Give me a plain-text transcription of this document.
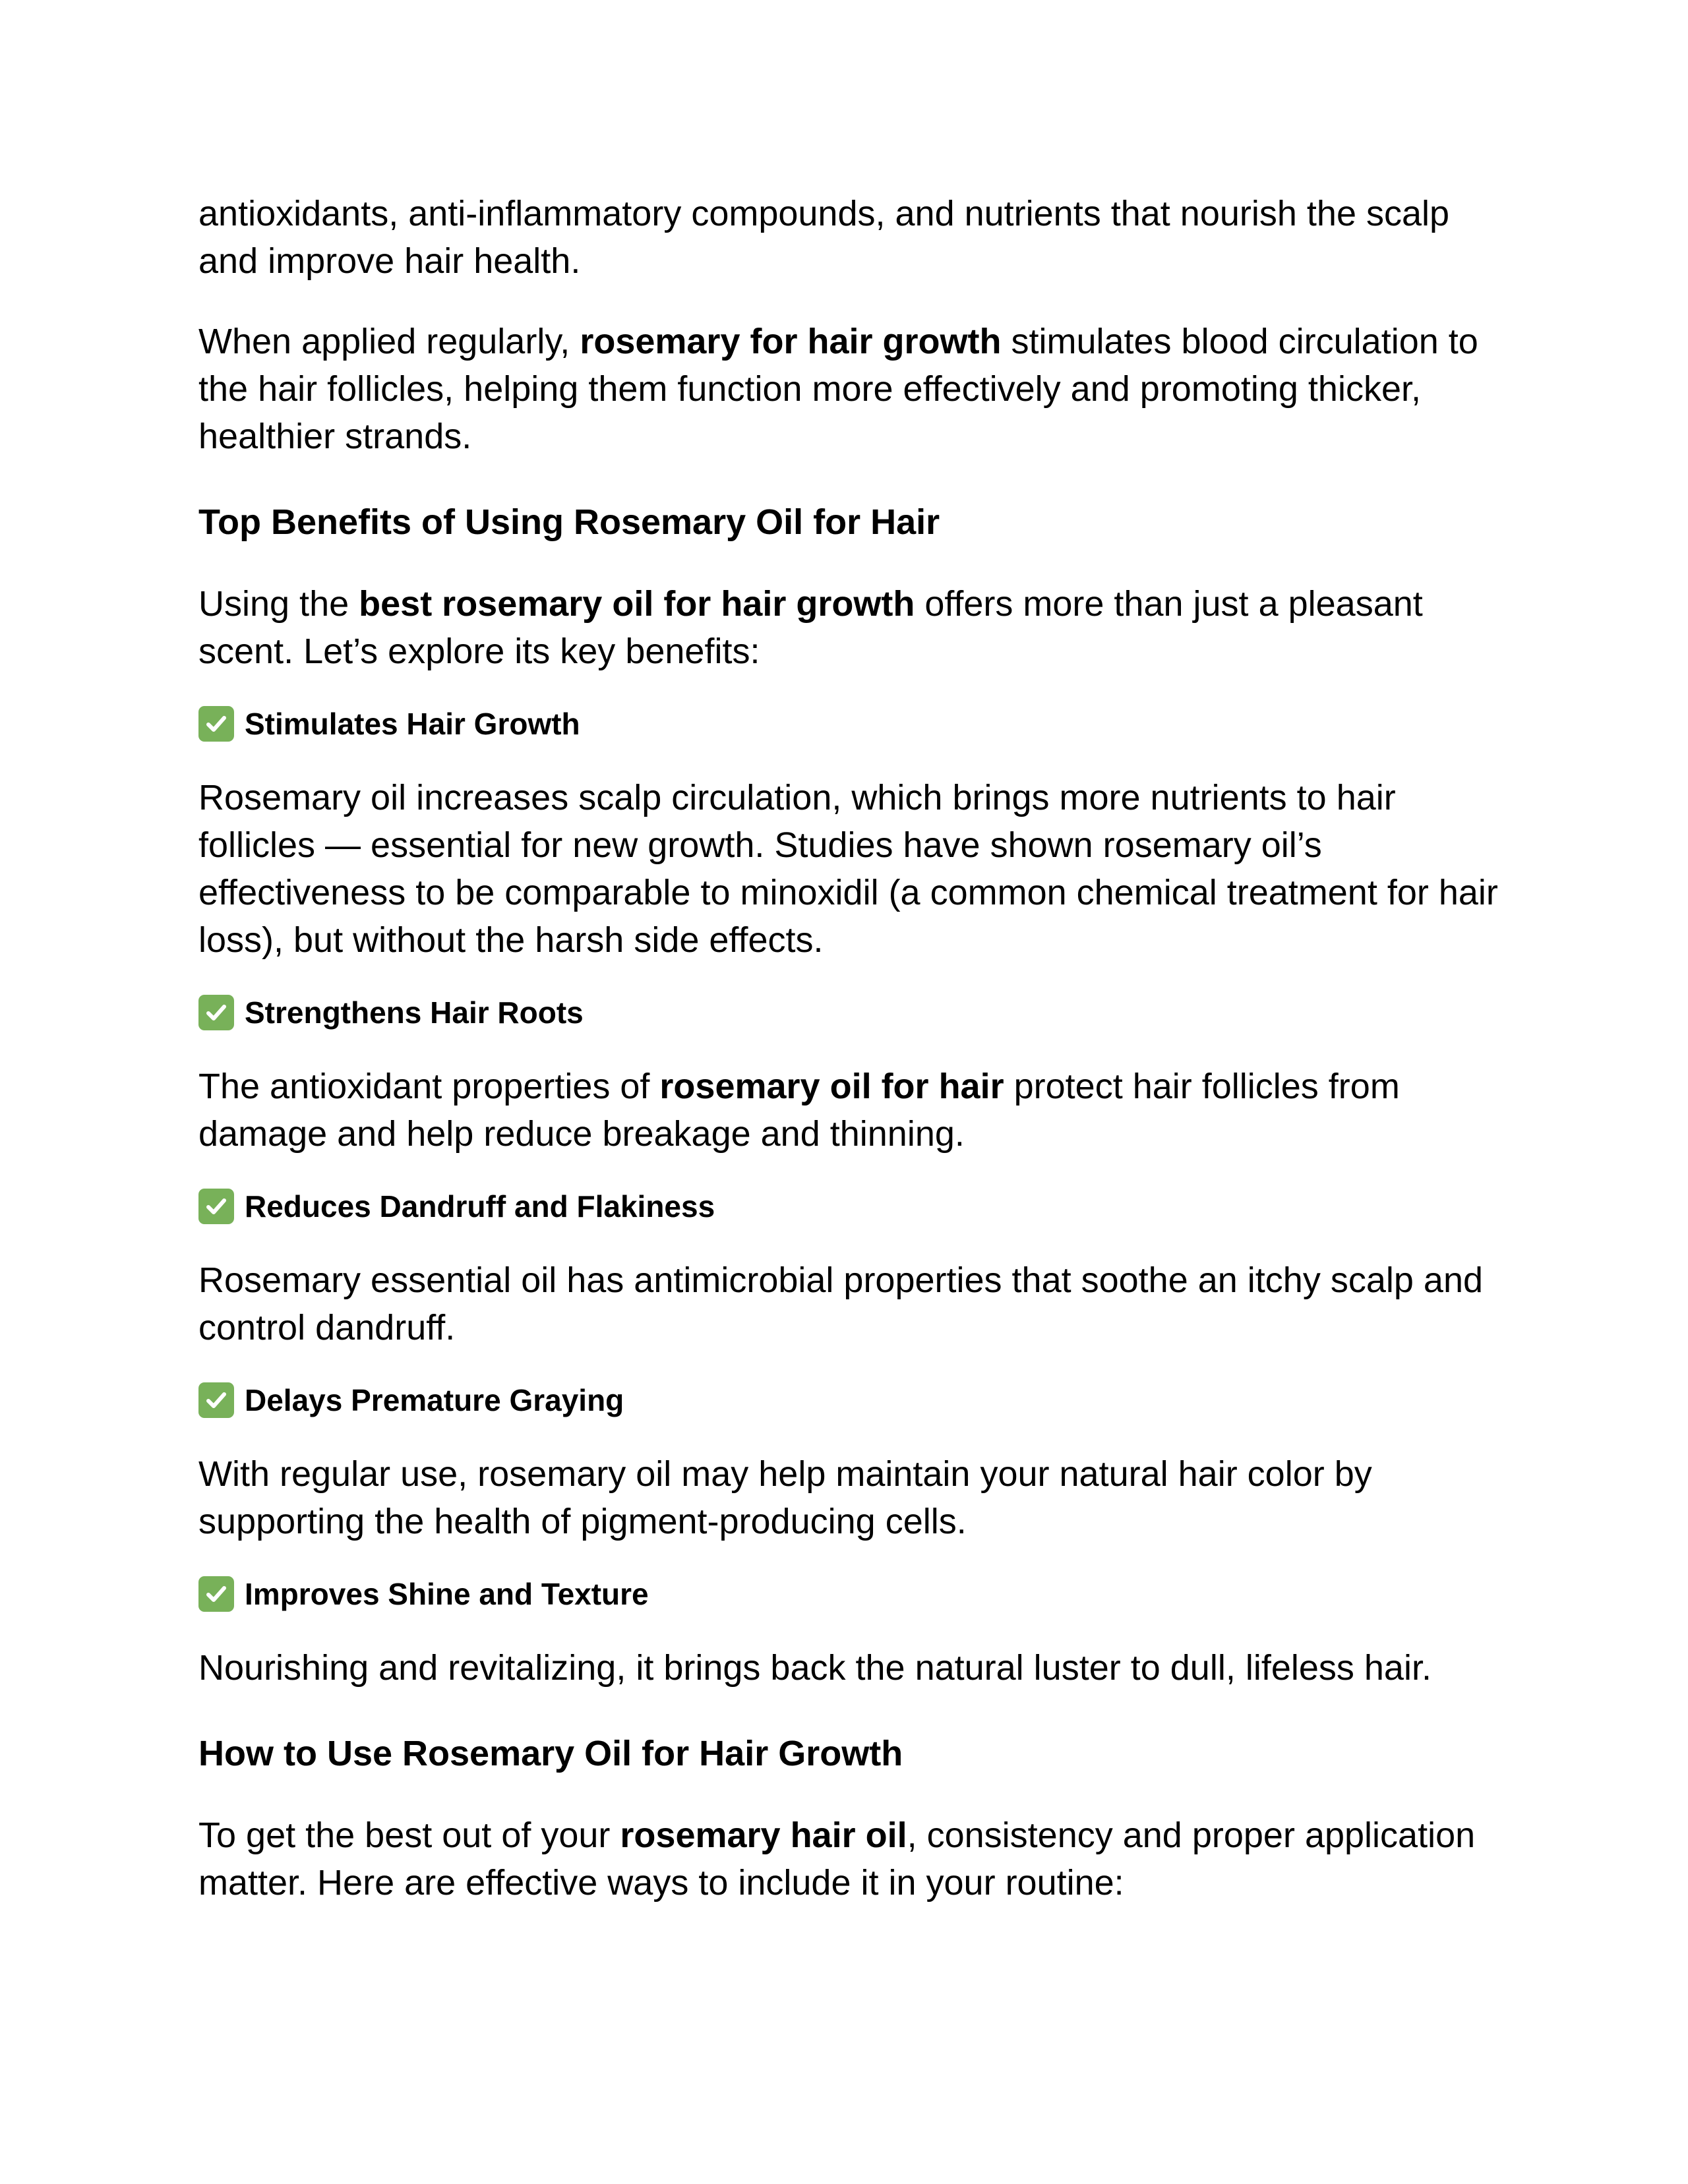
antioxidants, anti-inflammatory compounds, and nutrients that nourish the scalp and improve hair health.

When applied regularly, rosemary for hair growth stimulates blood circulation to the hair follicles, helping them function more effectively and promoting thicker, healthier strands.

Top Benefits of Using Rosemary Oil for Hair

Using the best rosemary oil for hair growth offers more than just a pleasant scent. Let’s explore its key benefits:

Stimulates Hair Growth

Rosemary oil increases scalp circulation, which brings more nutrients to hair follicles — essential for new growth. Studies have shown rosemary oil’s effectiveness to be comparable to minoxidil (a common chemical treatment for hair loss), but without the harsh side effects.

Strengthens Hair Roots

The antioxidant properties of rosemary oil for hair protect hair follicles from damage and help reduce breakage and thinning.

Reduces Dandruff and Flakiness

Rosemary essential oil has antimicrobial properties that soothe an itchy scalp and control dandruff.

Delays Premature Graying

With regular use, rosemary oil may help maintain your natural hair color by supporting the health of pigment-producing cells.

Improves Shine and Texture

Nourishing and revitalizing, it brings back the natural luster to dull, lifeless hair.

How to Use Rosemary Oil for Hair Growth

To get the best out of your rosemary hair oil, consistency and proper application matter. Here are effective ways to include it in your routine:
